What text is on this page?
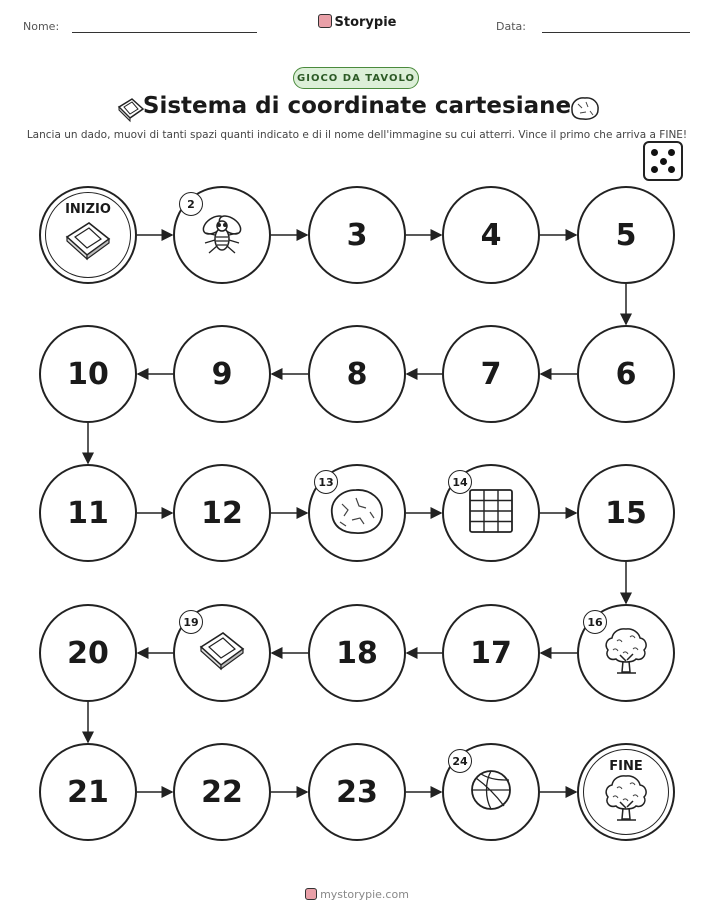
Nome:	Storypie	Data:
GIOCO DA TAVOLO
Sistema di coordinate cartesiane
Lancia un dado, muovi di tanti spazi quanti indicato e di il nome dell'immagine su cui atterri. Vince il primo che arriva a FINE!
INIZIO	2
3	4	5
6
7
8
9
10
11	12
13	14
15
16
17
18
19
20
21	22	23
24	FINE
mystorypie.com
